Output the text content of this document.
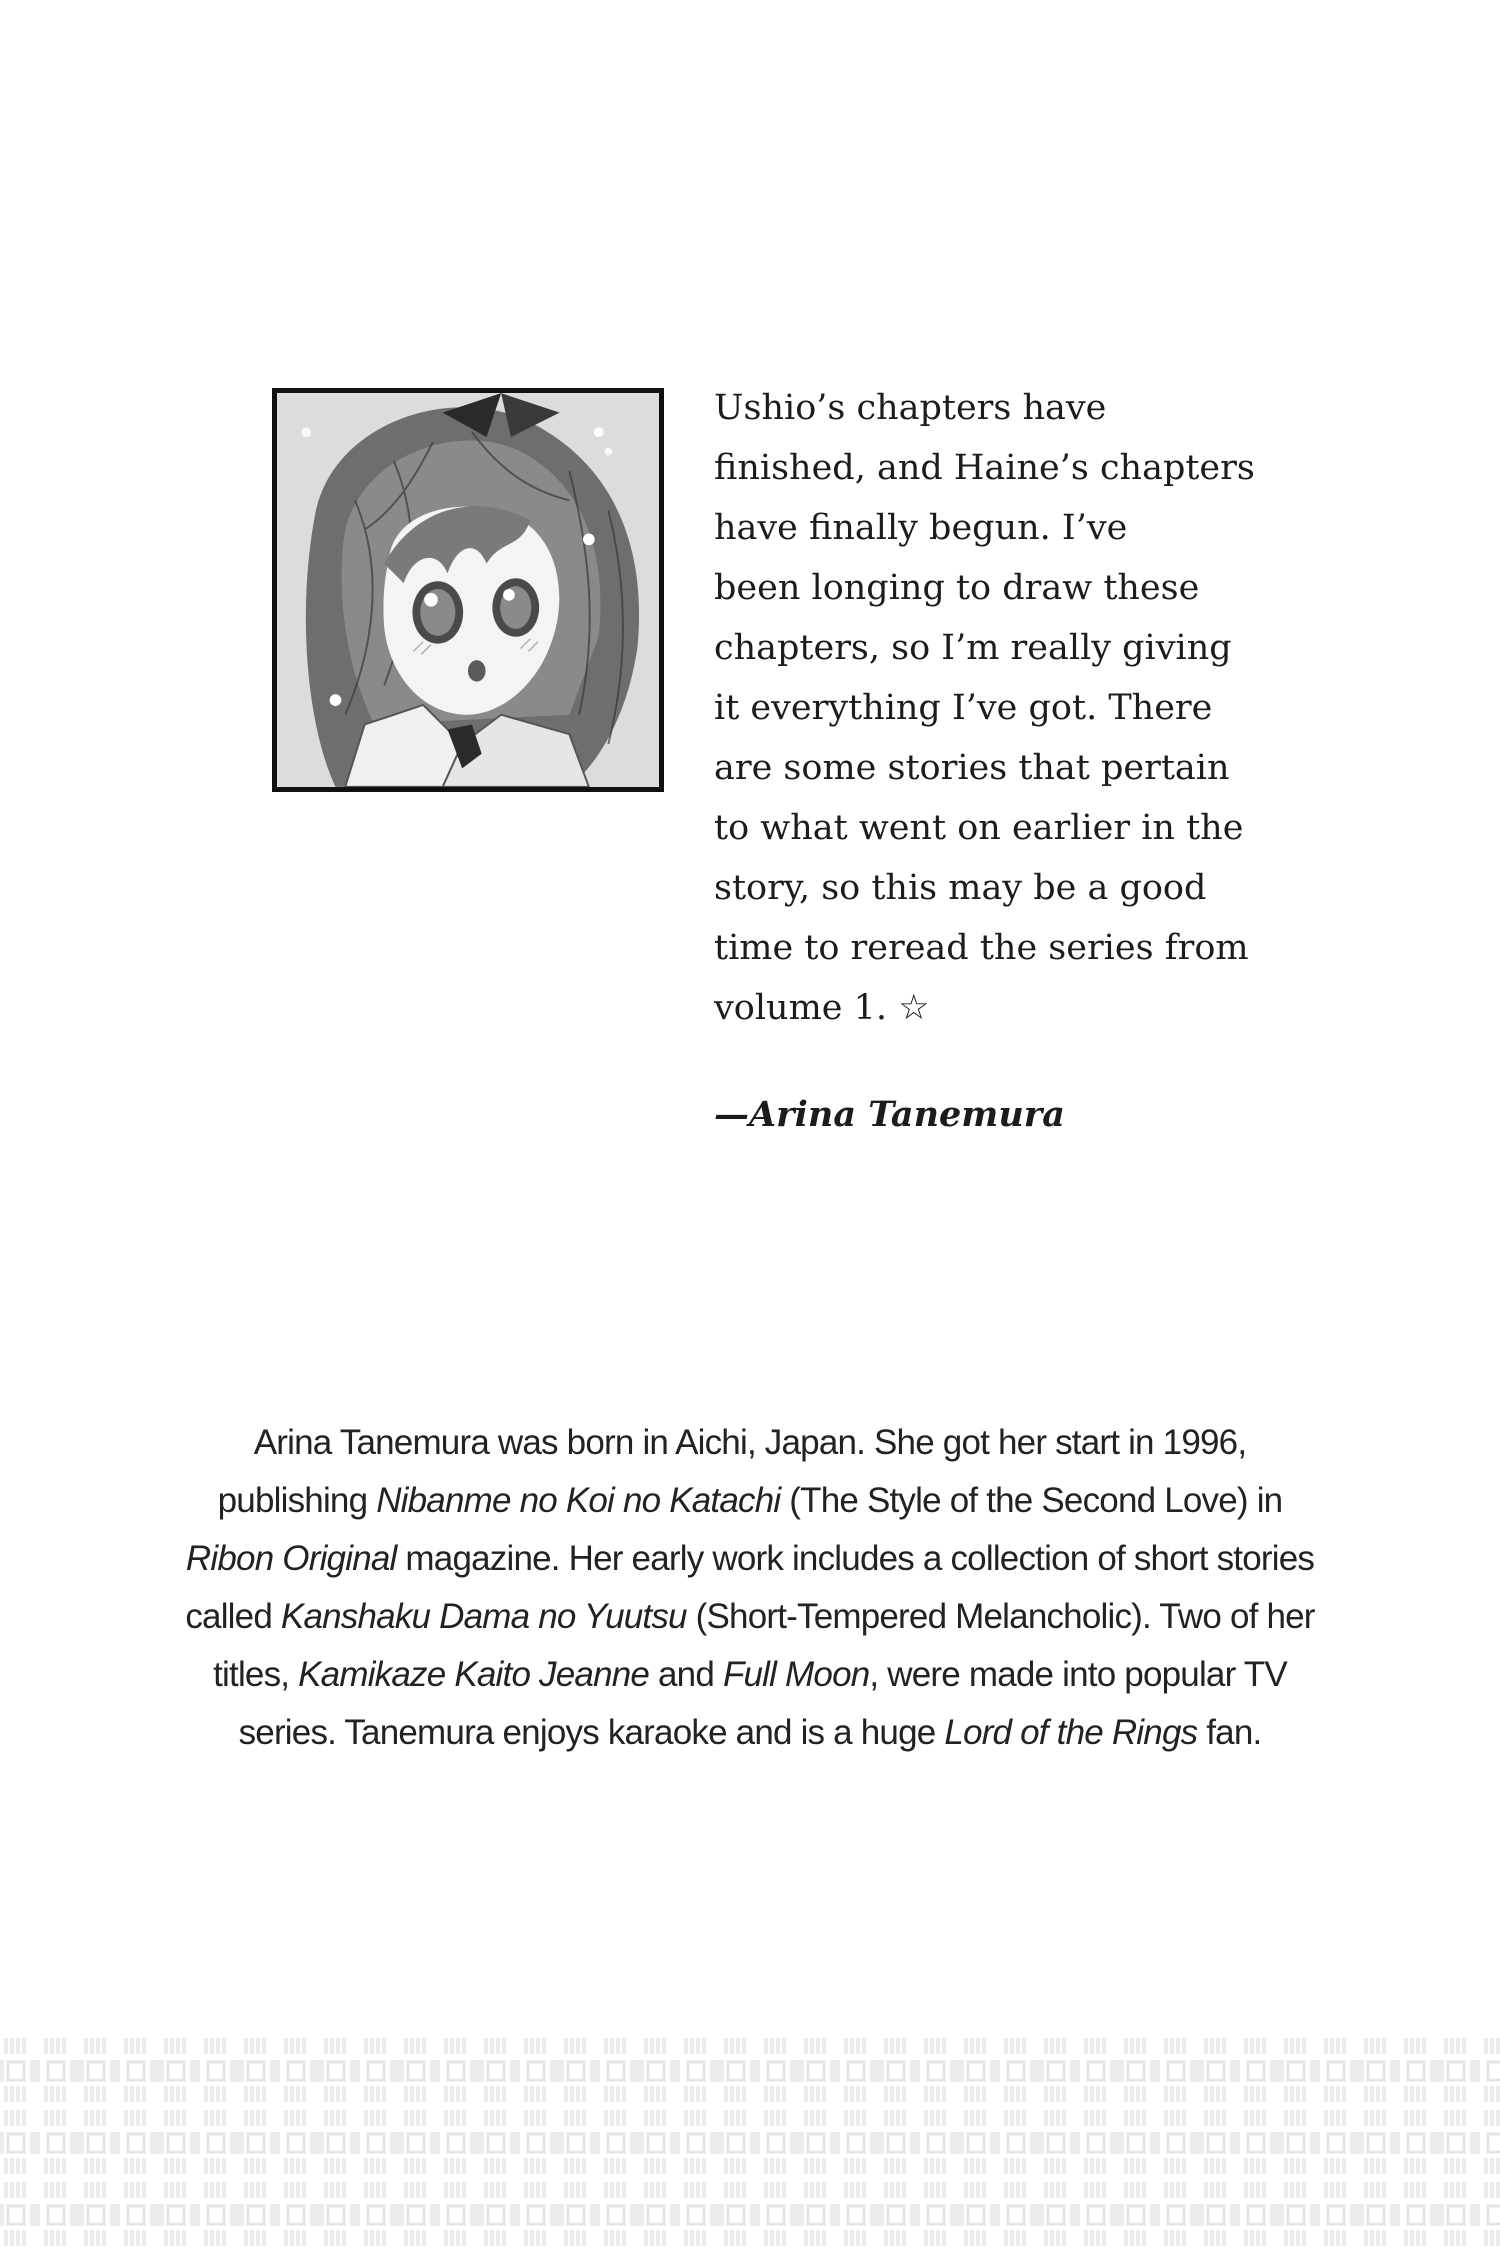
Ushio’s chapters have
finished, and Haine’s chapters
have finally begun. I’ve
been longing to draw these
chapters, so I’m really giving
it everything I’ve got. There
are some stories that pertain
to what went on earlier in the
story, so this may be a good
time to reread the series from
volume 1. ☆
—Arina Tanemura
Arina Tanemura was born in Aichi, Japan. She got her start in 1996,
publishing Nibanme no Koi no Katachi (The Style of the Second Love) in
Ribon Original magazine. Her early work includes a collection of short stories
called Kanshaku Dama no Yuutsu (Short-Tempered Melancholic). Two of her
titles, Kamikaze Kaito Jeanne and Full Moon, were made into popular TV
series. Tanemura enjoys karaoke and is a huge Lord of the Rings fan.
